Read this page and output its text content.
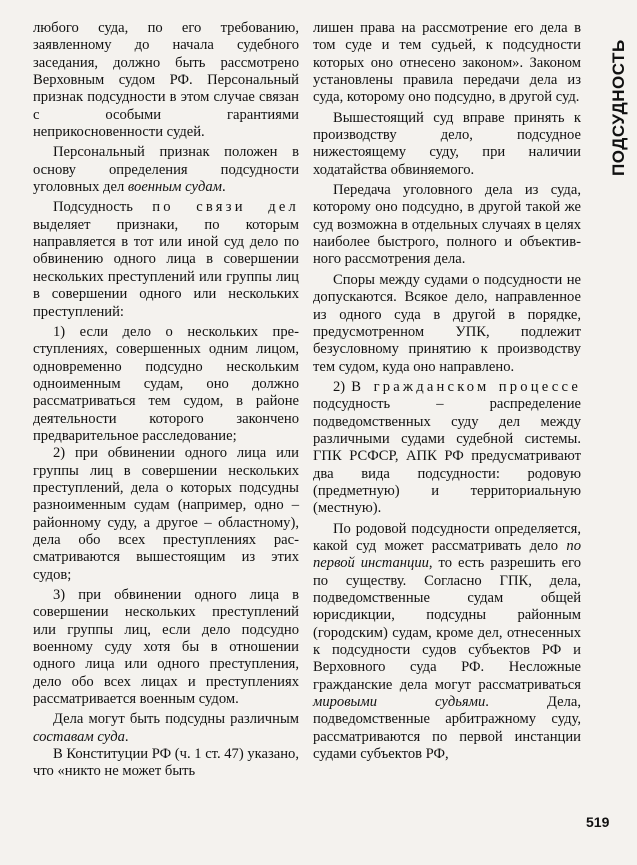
любого суда, по его требованию, заявленному до начала судебного заседания, должно быть рассмотрено Верховным судом РФ. Персональный признак подсудности в этом случае связан с особыми гарантиями неприкосновенности судей.

Персональный признак положен в основу определения подсудности уголовных дел военным судам.

Подсудность по связи дел выделяет признаки, по которым направляется в тот или иной суд дело по обвинению одного лица в совершении нескольких преступлений или группы лиц в совершении одного или нескольких преступлений:

1) если дело о нескольких преступлениях, совершенных одним лицом, одновременно подсудно нескольким одноименным судам, оно должно рассматриваться тем судом, в районе деятельности которого закончено предварительное расследование;

2) при обвинении одного лица или группы лиц в совершении нескольких преступлений, дела о которых подсудны разноименным судам (например, одно – районному суду, а другое – областному), дела обо всех преступлениях рассматриваются вышестоящим из этих судов;

3) при обвинении одного лица в совершении нескольких преступлений или группы лиц, если дело подсудно военному суду хотя бы в отношении одного лица или одного преступления, дело обо всех лицах и преступлениях рассматривается военным судом.

Дела могут быть подсудны различным составам суда.

В Конституции РФ (ч. 1 ст. 47) указано, что «никто не может быть

лишен права на рассмотрение его дела в том суде и тем судьей, к подсудности которых оно отнесено законом». Законом установлены правила передачи дела из суда, которому оно подсудно, в другой суд.

Вышестоящий суд вправе принять к производству дело, подсудное нижестоящему суду, при наличии ходатайства обвиняемого.

Передача уголовного дела из суда, которому оно подсудно, в другой такой же суд возможна в отдельных случаях в целях наиболее быстрого, полного и объективного рассмотрения дела.

Споры между судами о подсудности не допускаются. Всякое дело, направленное из одного суда в другой в порядке, предусмотренном УПК, подлежит безусловному принятию к производству тем судом, куда оно направлено.

2) В гражданском процессе подсудность – распределение подведомственных суду дел между различными судами судебной системы. ГПК РСФСР, АПК РФ предусматривают два вида подсудности: родовую (предметную) и территориальную (местную).

По родовой подсудности определяется, какой суд может рассматривать дело по первой инстанции, то есть разрешить его по существу. Согласно ГПК, дела, подведомственные судам общей юрисдикции, подсудны районным (городским) судам, кроме дел, отнесенных к подсудности судов субъектов РФ и Верховного суда РФ. Несложные гражданские дела могут рассматриваться мировыми судьями. Дела, подведомственные арбитражному суду, рассматриваются по первой инстанции судами субъектов РФ,

ПОДСУДНОСТЬ
519
